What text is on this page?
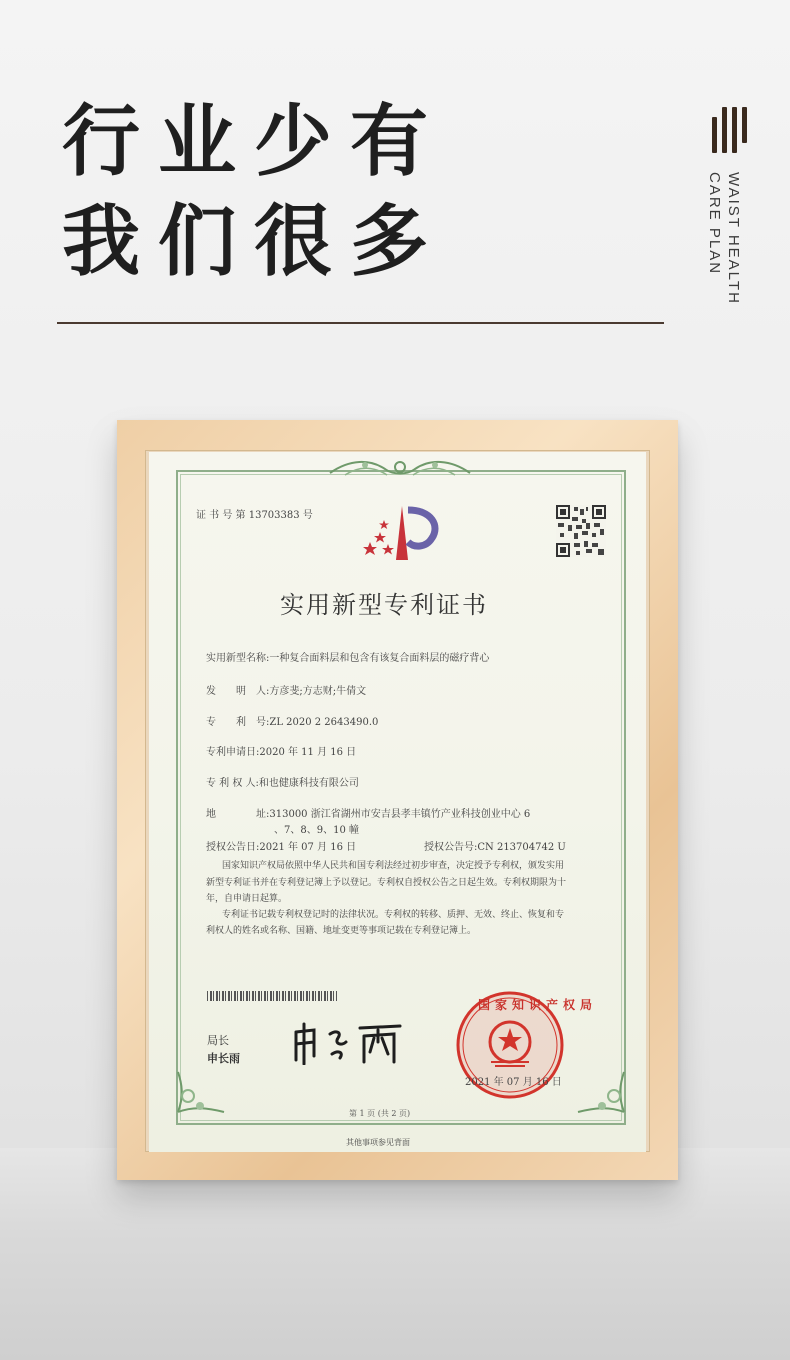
行业少有
我们很多	WAIST HEALTH
CARE PLAN
证 书 号 第 13703383 号
实用新型专利证书
实用新型名称:一种复合面料层和包含有该复合面料层的磁疗背心
发　　明　人:方彦斐;方志财;牛倩文
专　　利　号:ZL 2020 2 2643490.0
专利申请日:2020 年 11 月 16 日
专 利 权 人:和也健康科技有限公司
地　　　　址:313000 浙江省湖州市安吉县孝丰镇竹产业科技创业中心 6
、7、8、9、10 幢
授权公告日:2021 年 07 月 16 日	授权公告号:CN 213704742 U
国家知识产权局依照中华人民共和国专利法经过初步审查，决定授予专利权，颁发实用
新型专利证书并在专利登记簿上予以登记。专利权自授权公告之日起生效。专利权期限为十
年，自申请日起算。
专利证书记载专利权登记时的法律状况。专利权的转移、质押、无效、终止、恢复和专
利权人的姓名或名称、国籍、地址变更等事项记载在专利登记簿上。
局长
申长雨
国家知识产权局
2021 年 07 月 16 日
第 1 页 (共 2 页)
其他事项参见背面
